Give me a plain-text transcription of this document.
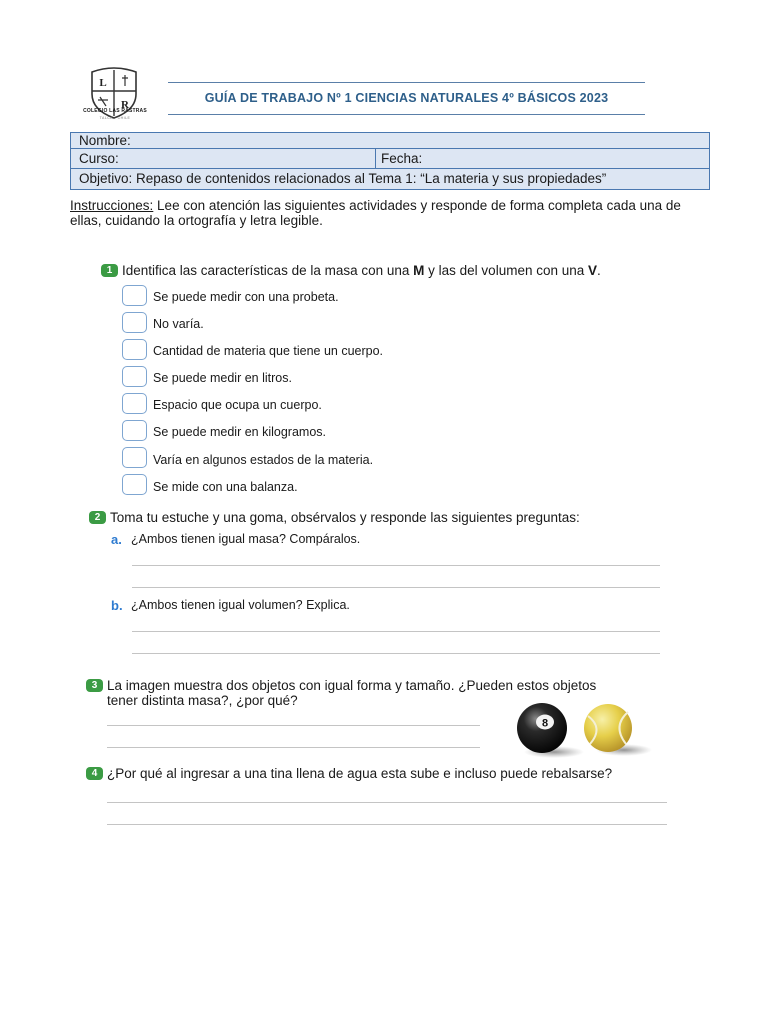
L
R
COLEGIO LAS RASTRAS
TALCA · CHILE
GUÍA DE TRABAJO Nº 1 CIENCIAS NATURALES 4º BÁSICOS 2023
Nombre:
Curso:	Fecha:
Objetivo: Repaso de contenidos relacionados al Tema 1: “La materia y sus propiedades”
Instrucciones: Lee con atención las siguientes actividades y responde de forma completa cada una de ellas, cuidando la ortografía y letra legible.
1 Identifica las características de la masa con una M y las del volumen con una V.
Se puede medir con una probeta.
No varía.
Cantidad de materia que tiene un cuerpo.
Se puede medir en litros.
Espacio que ocupa un cuerpo.
Se puede medir en kilogramos.
Varía en algunos estados de la materia.
Se mide con una balanza.
2 Toma tu estuche y una goma, obsérvalos y responde las siguientes preguntas:
a. ¿Ambos tienen igual masa? Compáralos.
b. ¿Ambos tienen igual volumen? Explica.
3 La imagen muestra dos objetos con igual forma y tamaño. ¿Pueden estos objetos
tener distinta masa?, ¿por qué?
8
4 ¿Por qué al ingresar a una tina llena de agua esta sube e incluso puede rebalsarse?
